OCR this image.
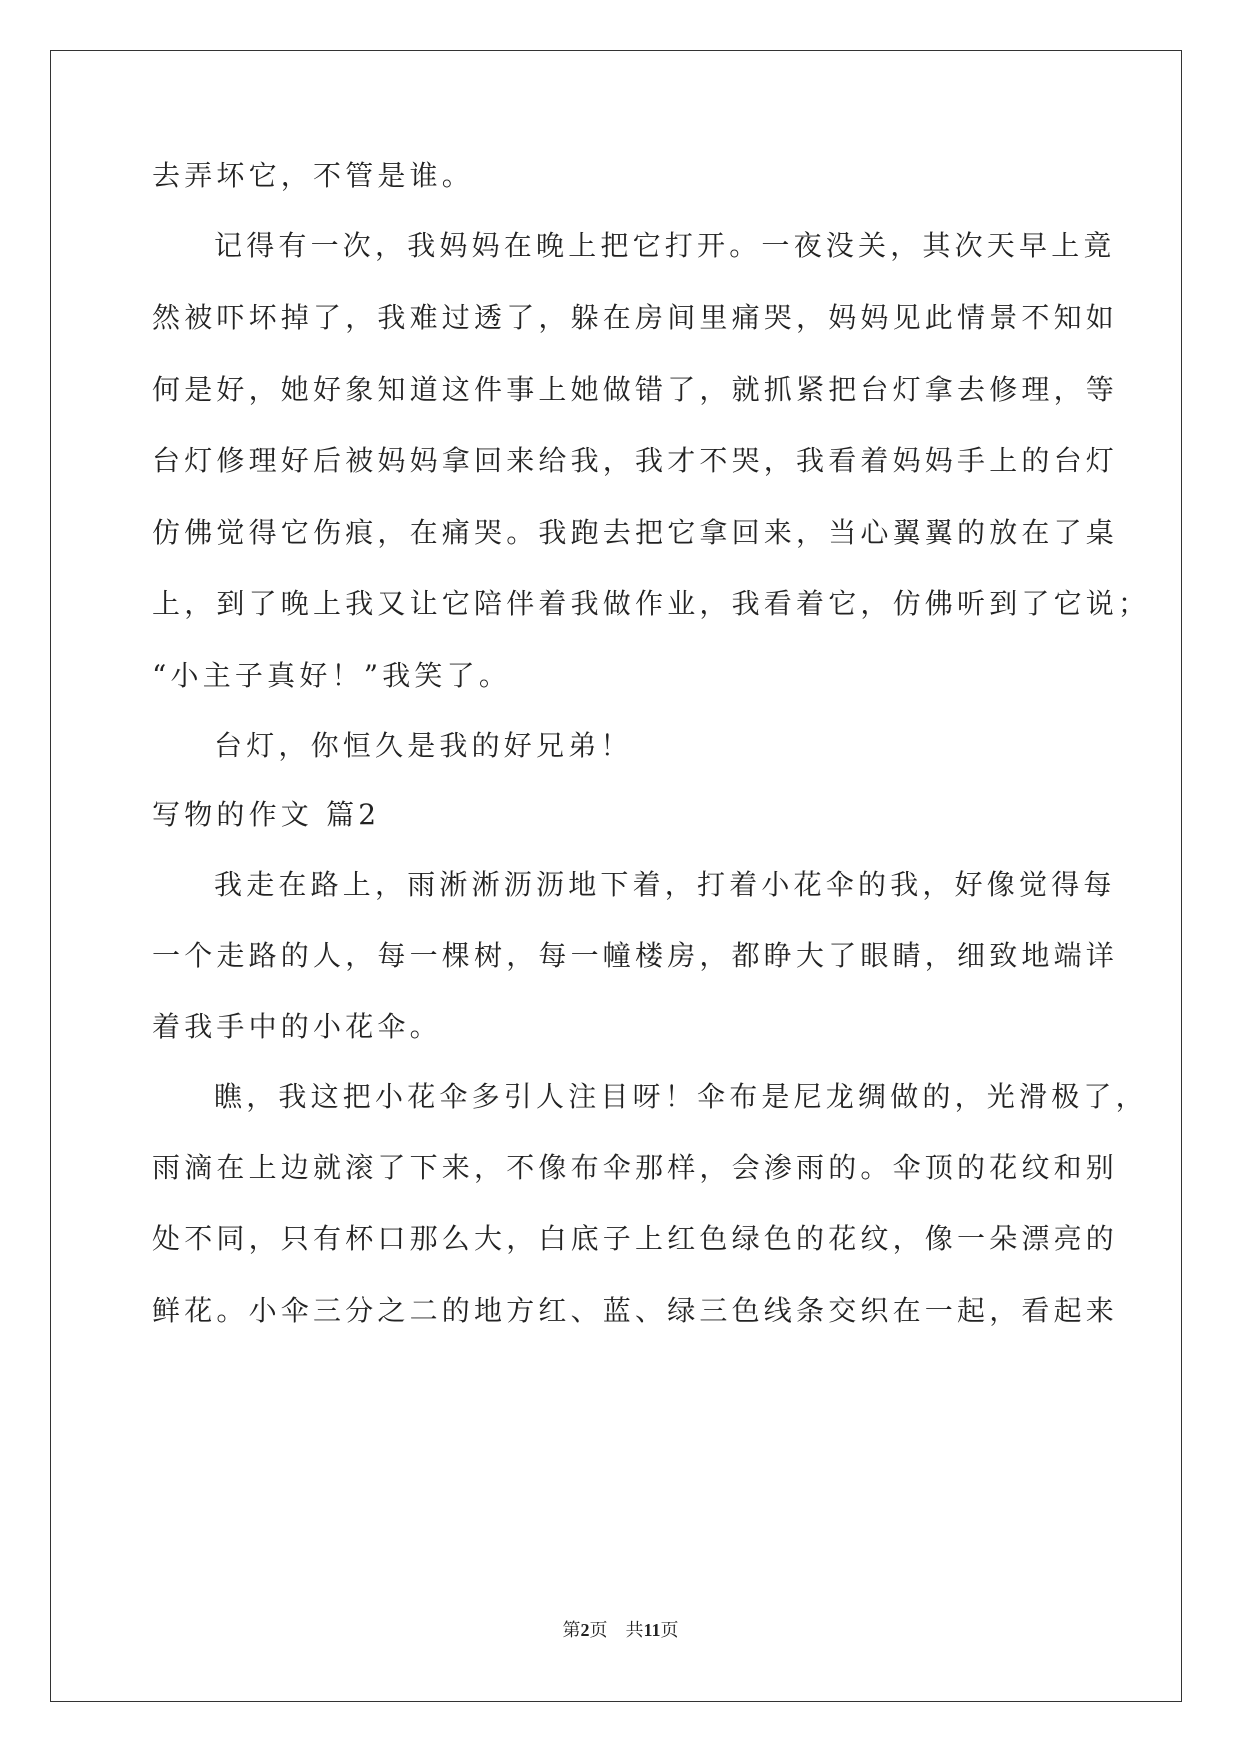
去弄坏它，不管是谁。
记得有一次，我妈妈在晚上把它打开。一夜没关，其次天早上竟
然被吓坏掉了，我难过透了，躲在房间里痛哭，妈妈见此情景不知如
何是好，她好象知道这件事上她做错了，就抓紧把台灯拿去修理，等
台灯修理好后被妈妈拿回来给我，我才不哭，我看着妈妈手上的台灯
仿佛觉得它伤痕，在痛哭。我跑去把它拿回来，当心翼翼的放在了桌
上，到了晚上我又让它陪伴着我做作业，我看着它，仿佛听到了它说；
“小主子真好！”我笑了。
台灯，你恒久是我的好兄弟！
写物的作文 篇2
我走在路上，雨淅淅沥沥地下着，打着小花伞的我，好像觉得每
一个走路的人，每一棵树，每一幢楼房，都睁大了眼睛，细致地端详
着我手中的小花伞。
瞧，我这把小花伞多引人注目呀！伞布是尼龙绸做的，光滑极了，
雨滴在上边就滚了下来，不像布伞那样，会渗雨的。伞顶的花纹和别
处不同，只有杯口那么大，白底子上红色绿色的花纹，像一朵漂亮的
鲜花。小伞三分之二的地方红、蓝、绿三色线条交织在一起，看起来
第2页 共11页
